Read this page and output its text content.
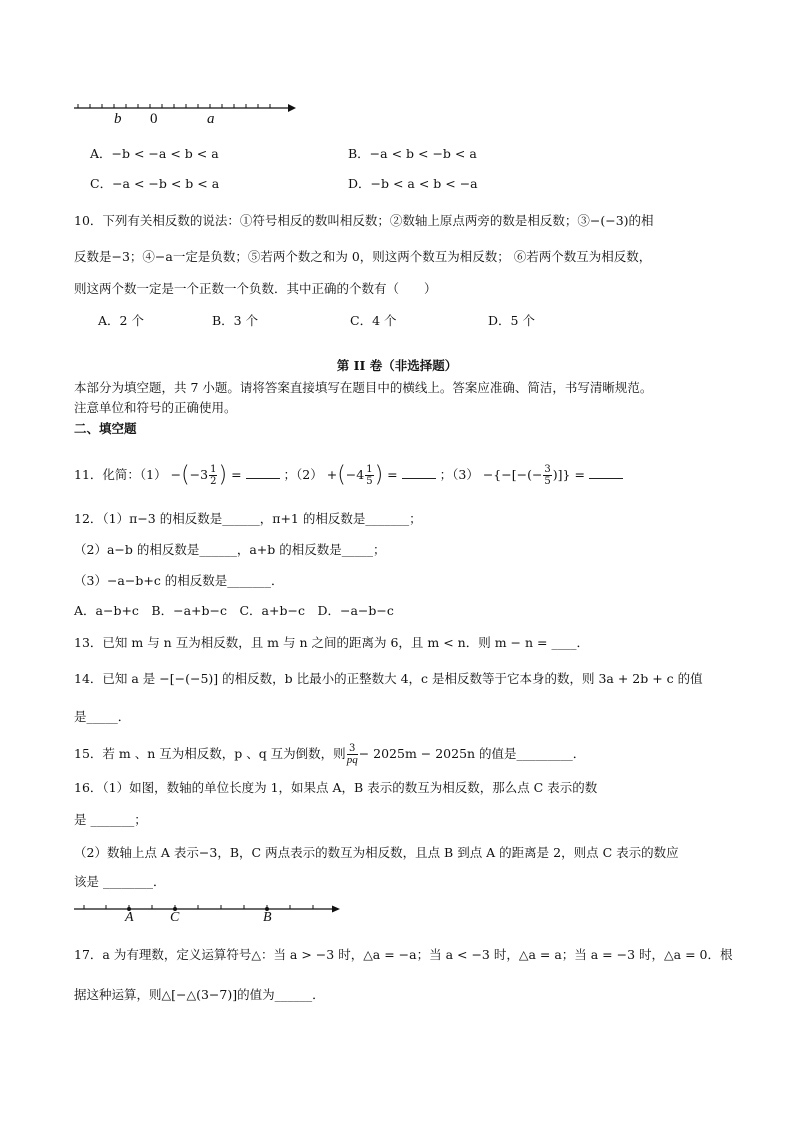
b 0	a
A．−b < −a < b < a	B．−a < b < −b < a
C．−a < −b < b < a	D．−b < a < b < −a
10．下列有关相反数的说法：①符号相反的数叫相反数；②数轴上原点两旁的数是相反数；③−(−3)的相
反数是−3；④−a一定是负数；⑤若两个数之和为 0，则这两个数互为相反数； ⑥若两个数互为相反数，
则这两个数一定是一个正数一个负数．其中正确的个数有（　　）
A．2 个	B．3 个	C．4 个	D．5 个
第 II 卷（非选择题）
本部分为填空题，共 7 小题。请将答案直接填写在题目中的横线上。答案应准确、简洁，书写清晰规范。
注意单位和符号的正确使用。
二、填空题
11．化简：$(1) -(-3 \frac{1}{2}$ ) =	；$(2) +(-4 \frac{1}{5}$ ) =	；（3） −{−[−(− $\frac{3}{5}$ )]} =
12．（1）π−3 的相反数是______，π+1 的相反数是_______；
（2）a−b 的相反数是______，a+b 的相反数是_____；
（3）−a−b+c 的相反数是_______．
A．a−b+c　B．−a+b−c　C．a+b−c　D．−a−b−c
13．已知 m 与 n 互为相反数，且 m 与 n 之间的距离为 6，且 m < n．则 m − n = ____．
14．已知 a 是 −[−(−5)] 的相反数，b 比最小的正整数大 4，c 是相反数等于它本身的数，则 3a + 2b + c 的值
是_____．
15．若 m 、n 互为相反数，p 、q 互为倒数，则 $\frac{3}{pq} - 2025m - 2025n$ 的值是_________．
16．（1）如图，数轴的单位长度为 1，如果点 A，B 表示的数互为相反数，那么点 C 表示的数
是 _______；
（2）数轴上点 A 表示−3，B，C 两点表示的数互为相反数，且点 B 到点 A 的距离是 2，则点 C 表示的数应
该是 ________．
A	C	B
17．a 为有理数，定义运算符号△：当 a > −3 时，△a = −a；当 a < −3 时，△a = a；当 a = −3 时，△a = 0．根
据这种运算，则△[−△(3−7)]的值为______．
